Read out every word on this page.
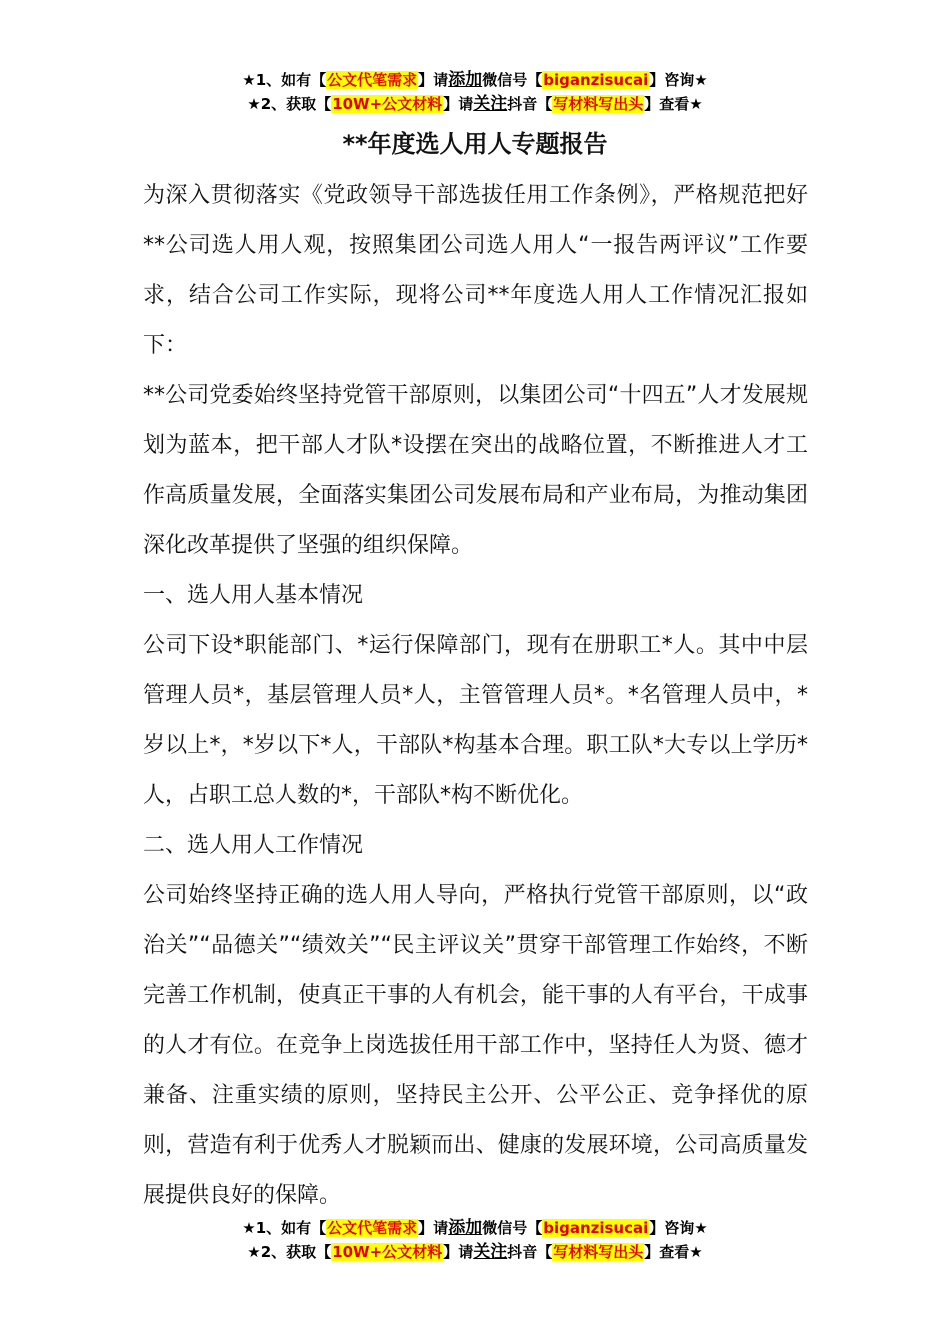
★1、如有【公文代笔需求】请添加微信号【biganzisucai】咨询★
★2、获取【10W+公文材料】请关注抖音【写材料写出头】查看★
**年度选人用人专题报告

为深入贯彻落实《党政领导干部选拔任用工作条例》，严格规范把好**公司选人用人观，按照集团公司选人用人“一报告两评议”工作要求，结合公司工作实际，现将公司**年度选人用人工作情况汇报如下：

**公司党委始终坚持党管干部原则，以集团公司“十四五”人才发展规划为蓝本，把干部人才队*设摆在突出的战略位置，不断推进人才工作高质量发展，全面落实集团公司发展布局和产业布局，为推动集团深化改革提供了坚强的组织保障。

一、选人用人基本情况

公司下设*职能部门、*运行保障部门，现有在册职工*人。其中中层管理人员*，基层管理人员*人，主管管理人员*。*名管理人员中，*岁以上*，*岁以下*人，干部队*构基本合理。职工队*大专以上学历*人，占职工总人数的*，干部队*构不断优化。

二、选人用人工作情况

公司始终坚持正确的选人用人导向，严格执行党管干部原则，以“政治关”“品德关”“绩效关”“民主评议关”贯穿干部管理工作始终，不断完善工作机制，使真正干事的人有机会，能干事的人有平台，干成事的人才有位。在竞争上岗选拔任用干部工作中，坚持任人为贤、德才兼备、注重实绩的原则，坚持民主公开、公平公正、竞争择优的原则，营造有利于优秀人才脱颖而出、健康的发展环境，公司高质量发展提供良好的保障。

★1、如有【公文代笔需求】请添加微信号【biganzisucai】咨询★
★2、获取【10W+公文材料】请关注抖音【写材料写出头】查看★
